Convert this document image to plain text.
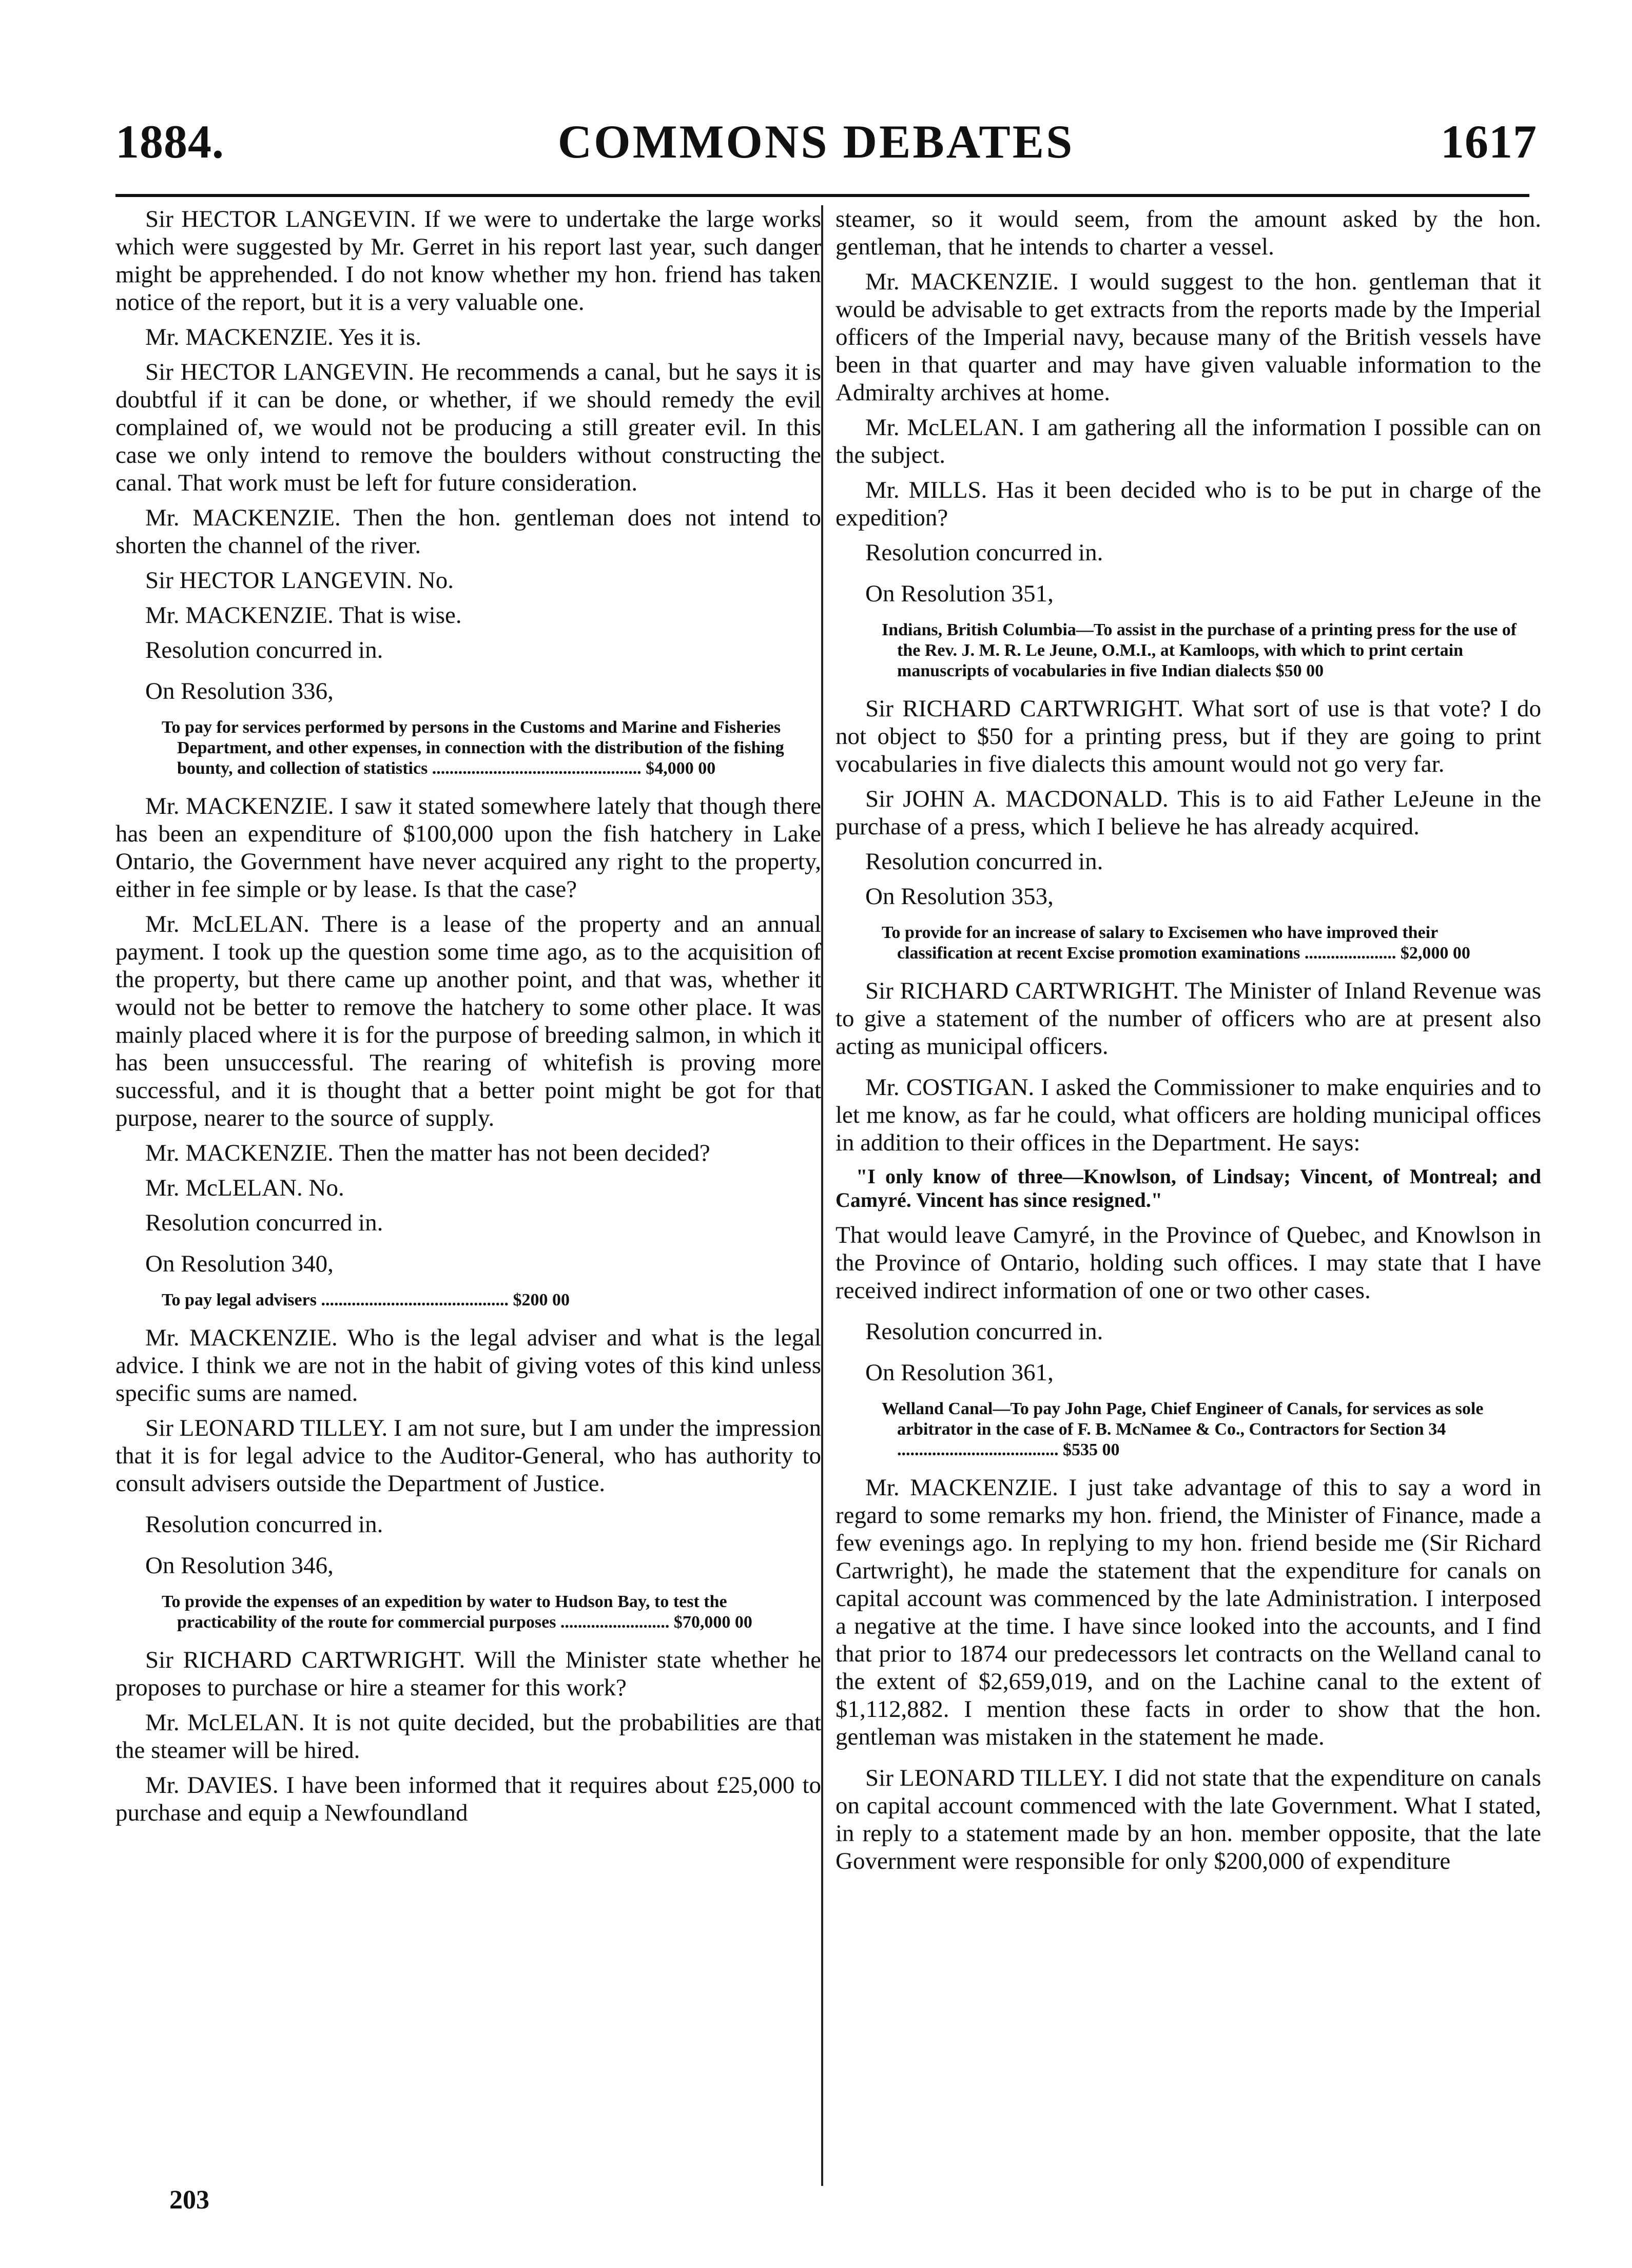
1884.	COMMONS DEBATES	1617

Sir HECTOR LANGEVIN. If we were to undertake the large works which were suggested by Mr. Gerret in his report last year, such danger might be apprehended. I do not know whether my hon. friend has taken notice of the report, but it is a very valuable one.

Mr. MACKENZIE. Yes it is.

Sir HECTOR LANGEVIN. He recommends a canal, but he says it is doubtful if it can be done, or whether, if we should remedy the evil complained of, we would not be producing a still greater evil. In this case we only intend to remove the boulders without constructing the canal. That work must be left for future consideration.

Mr. MACKENZIE. Then the hon. gentleman does not intend to shorten the channel of the river.

Sir HECTOR LANGEVIN. No.

Mr. MACKENZIE. That is wise.

Resolution concurred in.

On Resolution 336,

To pay for services performed by persons in the Customs and Marine and Fisheries Department, and other expenses, in connection with the distribution of the fishing bounty, and collection of statistics ................................................ $4,000 00

Mr. MACKENZIE. I saw it stated somewhere lately that though there has been an expenditure of $100,000 upon the fish hatchery in Lake Ontario, the Government have never acquired any right to the property, either in fee simple or by lease. Is that the case?

Mr. McLELAN. There is a lease of the property and an annual payment. I took up the question some time ago, as to the acquisition of the property, but there came up another point, and that was, whether it would not be better to remove the hatchery to some other place. It was mainly placed where it is for the purpose of breeding salmon, in which it has been unsuccessful. The rearing of whitefish is proving more successful, and it is thought that a better point might be got for that purpose, nearer to the source of supply.

Mr. MACKENZIE. Then the matter has not been decided?

Mr. McLELAN. No.

Resolution concurred in.

On Resolution 340,

To pay legal advisers ........................................... $200 00

Mr. MACKENZIE. Who is the legal adviser and what is the legal advice. I think we are not in the habit of giving votes of this kind unless specific sums are named.

Sir LEONARD TILLEY. I am not sure, but I am under the impression that it is for legal advice to the Auditor-General, who has authority to consult advisers outside the Department of Justice.

Resolution concurred in.

On Resolution 346,

To provide the expenses of an expedition by water to Hudson Bay, to test the practicability of the route for commercial purposes ......................... $70,000 00

Sir RICHARD CARTWRIGHT. Will the Minister state whether he proposes to purchase or hire a steamer for this work?

Mr. McLELAN. It is not quite decided, but the probabilities are that the steamer will be hired.

Mr. DAVIES. I have been informed that it requires about £25,000 to purchase and equip a Newfoundland

steamer, so it would seem, from the amount asked by the hon. gentleman, that he intends to charter a vessel.

Mr. MACKENZIE. I would suggest to the hon. gentleman that it would be advisable to get extracts from the reports made by the Imperial officers of the Imperial navy, because many of the British vessels have been in that quarter and may have given valuable information to the Admiralty archives at home.

Mr. McLELAN. I am gathering all the information I possible can on the subject.

Mr. MILLS. Has it been decided who is to be put in charge of the expedition?

Resolution concurred in.

On Resolution 351,

Indians, British Columbia—To assist in the purchase of a printing press for the use of the Rev. J. M. R. Le Jeune, O.M.I., at Kamloops, with which to print certain manuscripts of vocabularies in five Indian dialects $50 00

Sir RICHARD CARTWRIGHT. What sort of use is that vote? I do not object to $50 for a printing press, but if they are going to print vocabularies in five dialects this amount would not go very far.

Sir JOHN A. MACDONALD. This is to aid Father LeJeune in the purchase of a press, which I believe he has already acquired.

Resolution concurred in.

On Resolution 353,

To provide for an increase of salary to Excisemen who have improved their classification at recent Excise promotion examinations ..................... $2,000 00

Sir RICHARD CARTWRIGHT. The Minister of Inland Revenue was to give a statement of the number of officers who are at present also acting as municipal officers.

Mr. COSTIGAN. I asked the Commissioner to make enquiries and to let me know, as far he could, what officers are holding municipal offices in addition to their offices in the Department. He says:

"I only know of three—Knowlson, of Lindsay; Vincent, of Montreal; and Camyré. Vincent has since resigned."

That would leave Camyré, in the Province of Quebec, and Knowlson in the Province of Ontario, holding such offices. I may state that I have received indirect information of one or two other cases.

Resolution concurred in.

On Resolution 361,

Welland Canal—To pay John Page, Chief Engineer of Canals, for services as sole arbitrator in the case of F. B. McNamee & Co., Contractors for Section 34 ..................................... $535 00

Mr. MACKENZIE. I just take advantage of this to say a word in regard to some remarks my hon. friend, the Minister of Finance, made a few evenings ago. In replying to my hon. friend beside me (Sir Richard Cartwright), he made the statement that the expenditure for canals on capital account was commenced by the late Administration. I interposed a negative at the time. I have since looked into the accounts, and I find that prior to 1874 our predecessors let contracts on the Welland canal to the extent of $2,659,019, and on the Lachine canal to the extent of $1,112,882. I mention these facts in order to show that the hon. gentleman was mistaken in the statement he made.

Sir LEONARD TILLEY. I did not state that the expenditure on canals on capital account commenced with the late Government. What I stated, in reply to a statement made by an hon. member opposite, that the late Government were responsible for only $200,000 of expenditure

203
